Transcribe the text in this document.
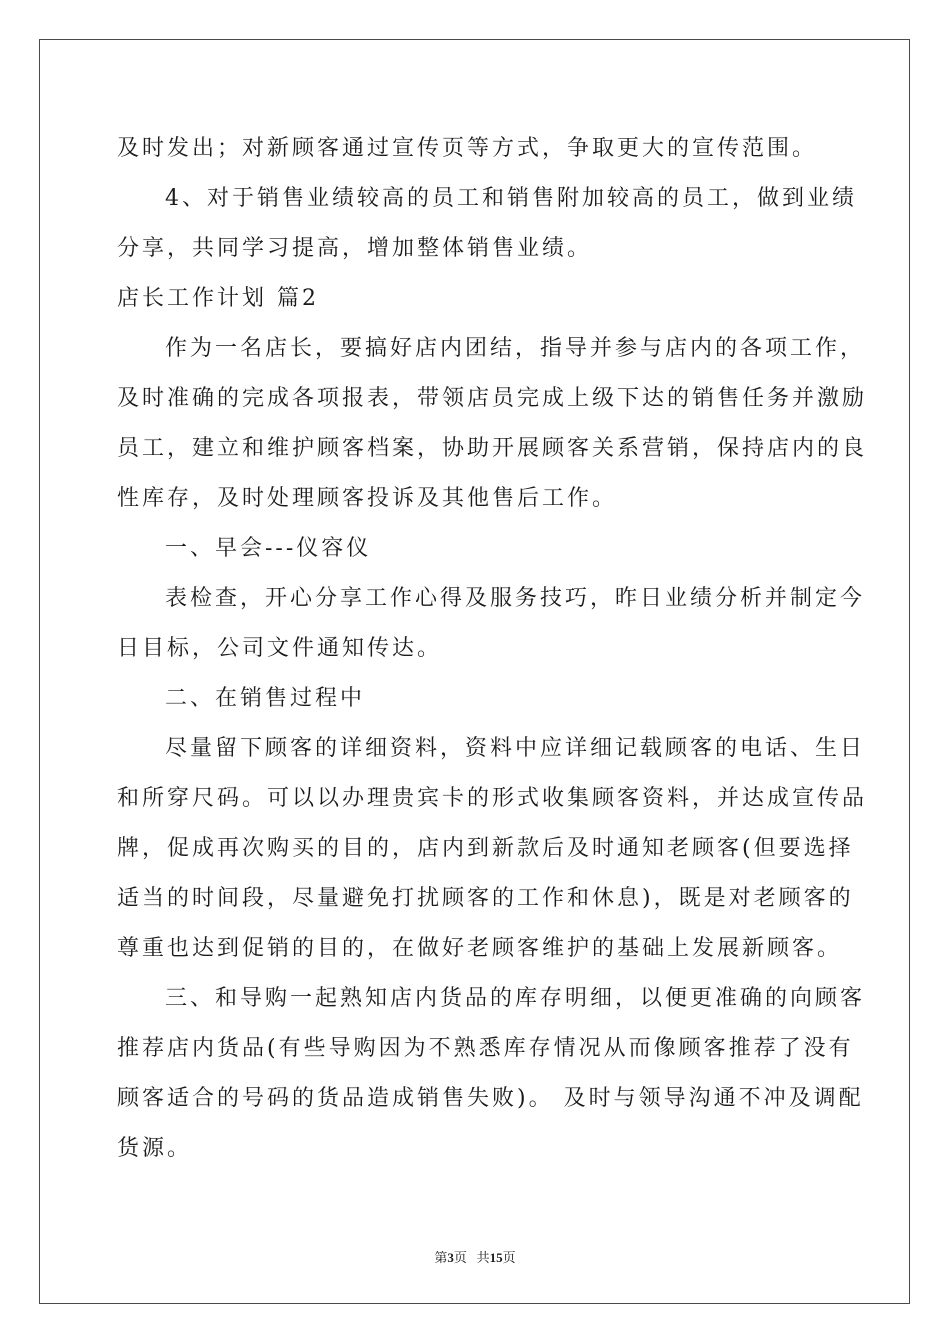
及时发出；对新顾客通过宣传页等方式，争取更大的宣传范围。
4、对于销售业绩较高的员工和销售附加较高的员工，做到业绩
分享，共同学习提高，增加整体销售业绩。
店长工作计划 篇2
作为一名店长，要搞好店内团结，指导并参与店内的各项工作，
及时准确的完成各项报表，带领店员完成上级下达的销售任务并激励
员工，建立和维护顾客档案，协助开展顾客关系营销，保持店内的良
性库存，及时处理顾客投诉及其他售后工作。
一、早会---仪容仪
表检查，开心分享工作心得及服务技巧，昨日业绩分析并制定今
日目标，公司文件通知传达。
二、在销售过程中
尽量留下顾客的详细资料，资料中应详细记载顾客的电话、生日
和所穿尺码。可以以办理贵宾卡的形式收集顾客资料，并达成宣传品
牌，促成再次购买的目的，店内到新款后及时通知老顾客(但要选择
适当的时间段，尽量避免打扰顾客的工作和休息)，既是对老顾客的
尊重也达到促销的目的，在做好老顾客维护的基础上发展新顾客。
三、和导购一起熟知店内货品的库存明细，以便更准确的向顾客
推荐店内货品(有些导购因为不熟悉库存情况从而像顾客推荐了没有
顾客适合的号码的货品造成销售失败)。 及时与领导沟通不冲及调配
货源。
第3页 共15页
